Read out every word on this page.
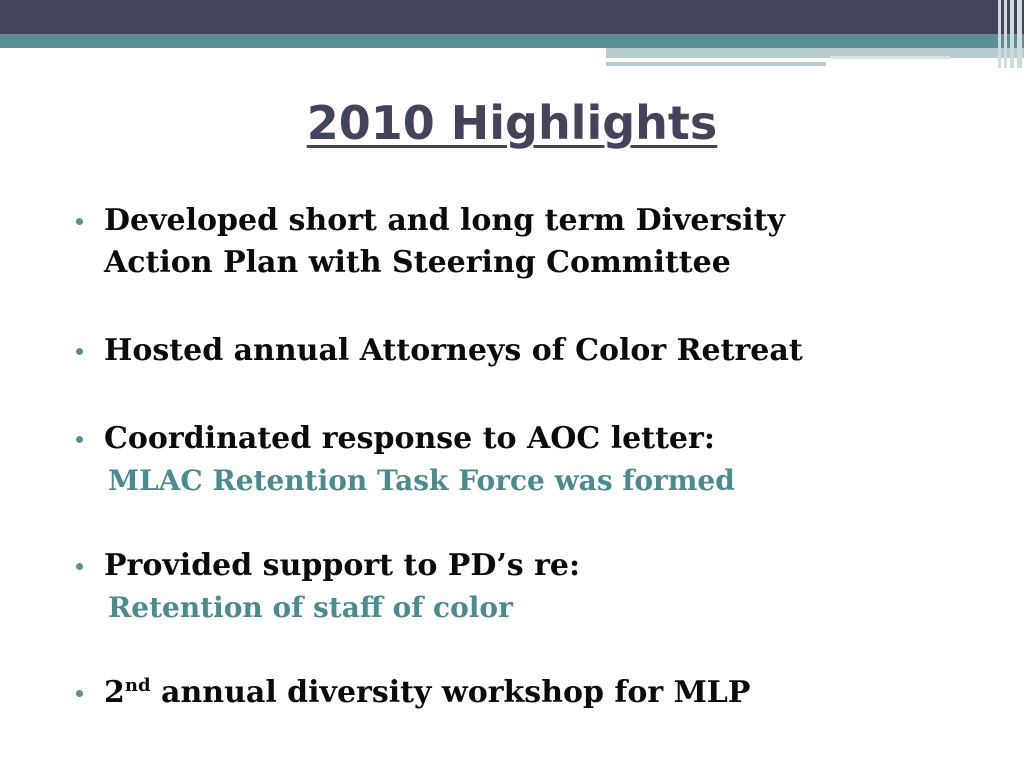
2010 Highlights
Developed short and long term Diversity
Action Plan with Steering Committee
Hosted annual Attorneys of Color Retreat
Coordinated response to AOC letter:
MLAC Retention Task Force was formed
Provided support to PD’s re:
Retention of staff of color
2nd annual diversity workshop for MLP
